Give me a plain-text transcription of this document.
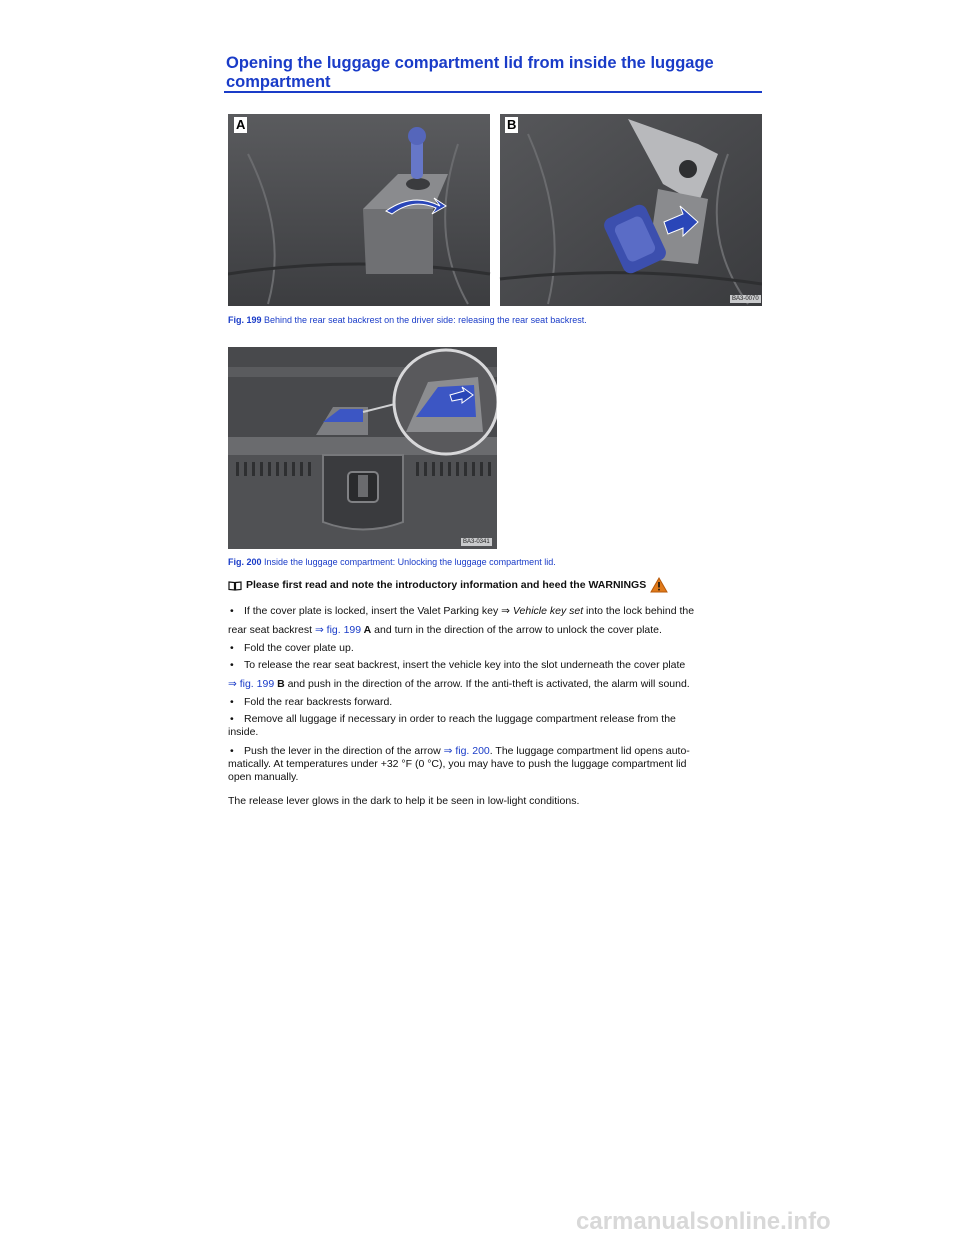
Opening the luggage compartment lid from inside the luggage compartment
A	B
BA3-0070

Fig. 199 Behind the rear seat backrest on the driver side: releasing the rear seat backrest.

BA3-0341

Fig. 200 Inside the luggage compartment: Unlocking the luggage compartment lid.

Please first read and note the introductory information and heed the WARNINGS
• If the cover plate is locked, insert the Valet Parking key ⇒ Vehicle key set into the lock behind the
rear seat backrest ⇒ fig. 199 A and turn in the direction of the arrow to unlock the cover plate.
• Fold the cover plate up.
• To release the rear seat backrest, insert the vehicle key into the slot underneath the cover plate
⇒ fig. 199 B and push in the direction of the arrow. If the anti-theft is activated, the alarm will sound.
• Fold the rear backrests forward.
• Remove all luggage if necessary in order to reach the luggage compartment release from the
inside.
• Push the lever in the direction of the arrow ⇒ fig. 200. The luggage compartment lid opens auto-
matically. At temperatures under +32 °F (0 °C), you may have to push the luggage compartment lid
open manually.

The release lever glows in the dark to help it be seen in low-light conditions.

carmanualsonline.info
